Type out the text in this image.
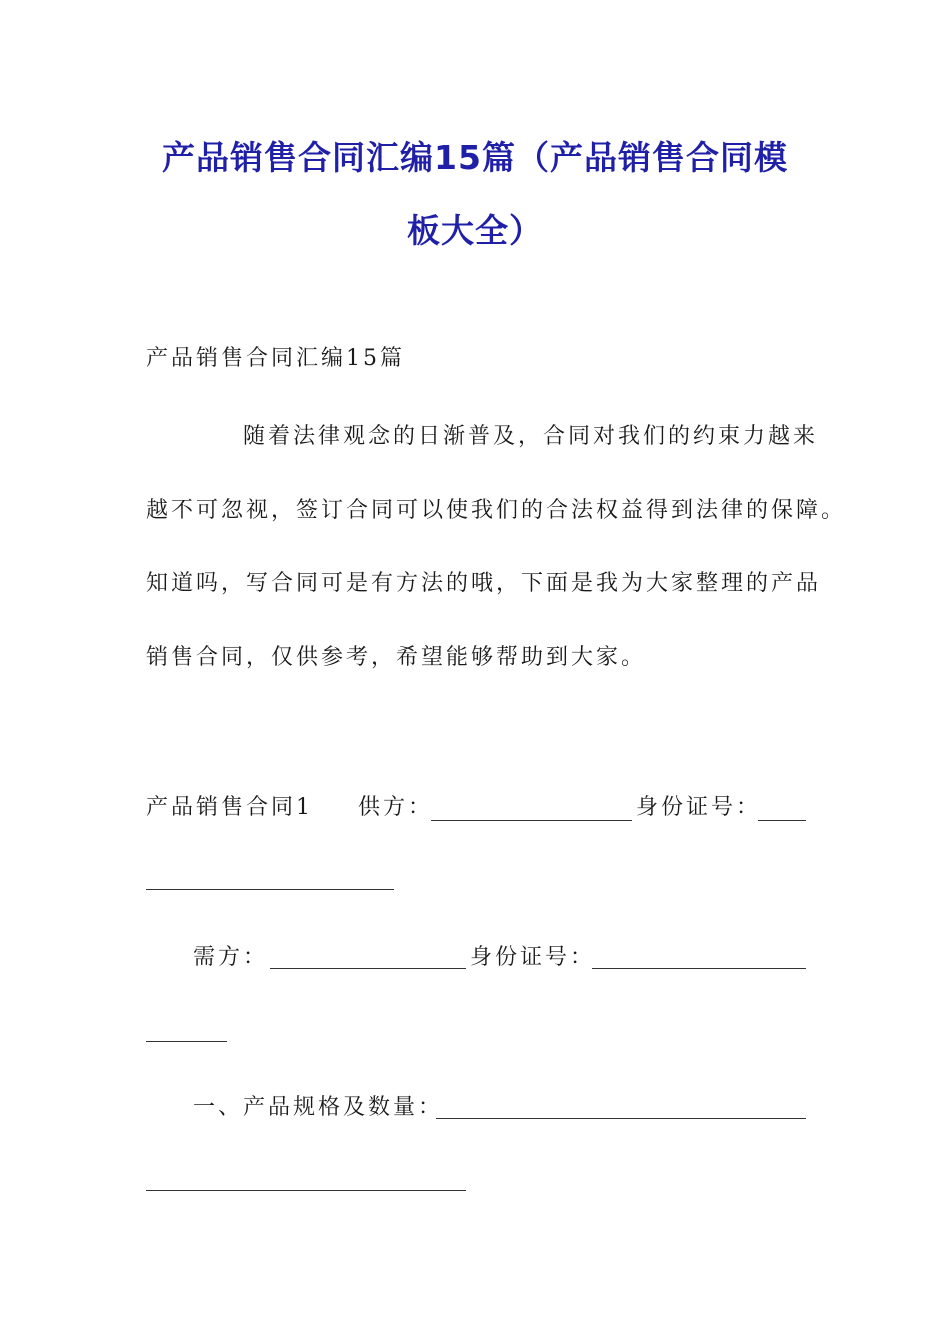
产品销售合同汇编15篇（产品销售合同模
板大全）
产品销售合同汇编15篇
随着法律观念的日渐普及，合同对我们的约束力越来
越不可忽视，签订合同可以使我们的合法权益得到法律的保障。
知道吗，写合同可是有方法的哦，下面是我为大家整理的产品
销售合同，仅供参考，希望能够帮助到大家。
产品销售合同1 供方：	身份证号：
需方：	身份证号：
一、产品规格及数量：
